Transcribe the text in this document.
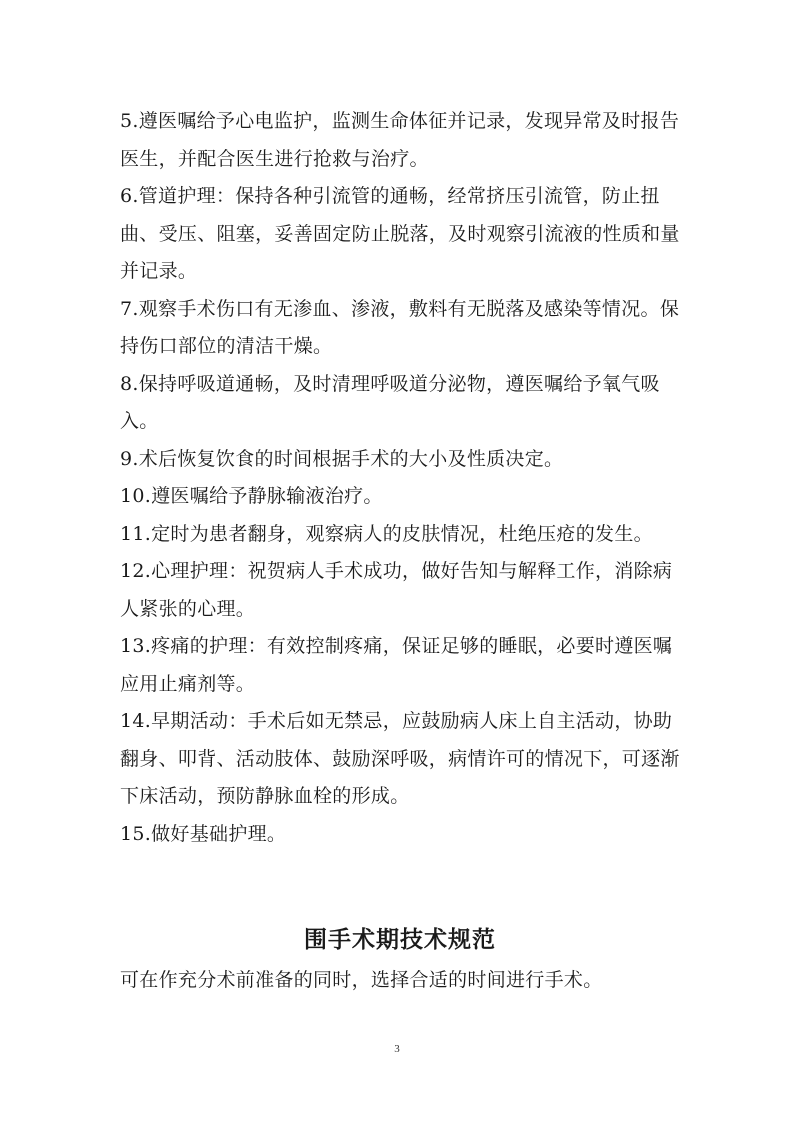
5.遵医嘱给予心电监护，监测生命体征并记录，发现异常及时报告医生，并配合医生进行抢救与治疗。

6.管道护理：保持各种引流管的通畅，经常挤压引流管，防止扭曲、受压、阻塞，妥善固定防止脱落，及时观察引流液的性质和量并记录。

7.观察手术伤口有无渗血、渗液，敷料有无脱落及感染等情况。保持伤口部位的清洁干燥。

8.保持呼吸道通畅，及时清理呼吸道分泌物，遵医嘱给予氧气吸入。

9.术后恢复饮食的时间根据手术的大小及性质决定。

10.遵医嘱给予静脉输液治疗。

11.定时为患者翻身，观察病人的皮肤情况，杜绝压疮的发生。

12.心理护理：祝贺病人手术成功，做好告知与解释工作，消除病人紧张的心理。

13.疼痛的护理：有效控制疼痛，保证足够的睡眠，必要时遵医嘱应用止痛剂等。

14.早期活动：手术后如无禁忌，应鼓励病人床上自主活动，协助翻身、叩背、活动肢体、鼓励深呼吸，病情许可的情况下，可逐渐下床活动，预防静脉血栓的形成。

15.做好基础护理。

围手术期技术规范

可在作充分术前准备的同时，选择合适的时间进行手术。

3
